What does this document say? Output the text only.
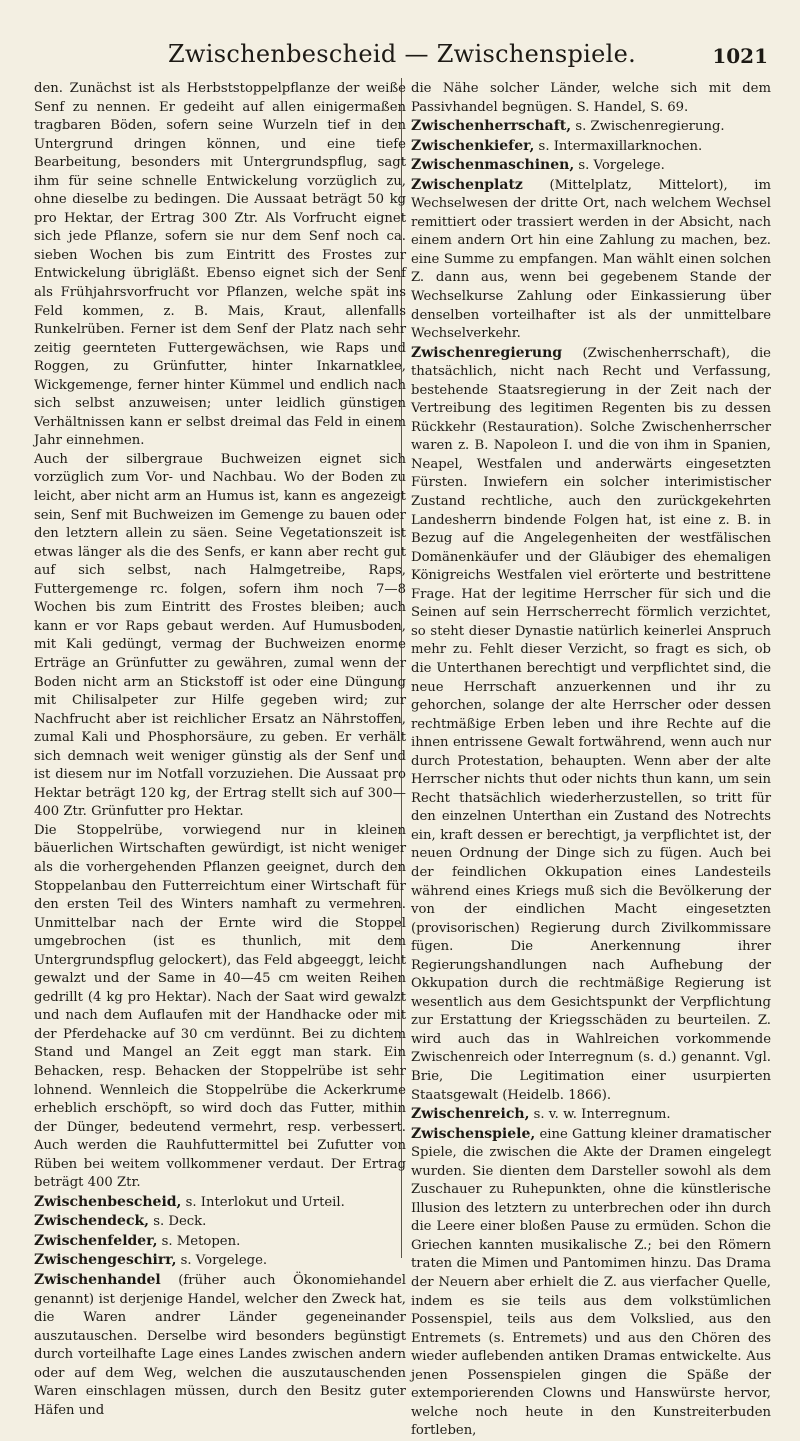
Zwischenbescheid — Zwischenspiele.	1021

den. Zunächst ist als Herbststoppelpflanze der weiße Senf zu nennen. Er gedeiht auf allen einigermaßen tragbaren Böden, sofern seine Wurzeln tief in den Untergrund dringen können, und eine tiefe Bearbeitung, besonders mit Untergrundspflug, sagt ihm für seine schnelle Entwickelung vorzüglich zu, ohne dieselbe zu bedingen. Die Aussaat beträgt 50 kg pro Hektar, der Ertrag 300 Ztr. Als Vorfrucht eignet sich jede Pflanze, sofern sie nur dem Senf noch ca. sieben Wochen bis zum Eintritt des Frostes zur Entwickelung übrigläßt. Ebenso eignet sich der Senf als Frühjahrsvorfrucht vor Pflanzen, welche spät ins Feld kommen, z. B. Mais, Kraut, allenfalls Runkelrüben. Ferner ist dem Senf der Platz nach sehr zeitig geernteten Futtergewächsen, wie Raps und Roggen, zu Grünfutter, hinter Inkarnatklee, Wickgemenge, ferner hinter Kümmel und endlich nach sich selbst anzuweisen; unter leidlich günstigen Verhältnissen kann er selbst dreimal das Feld in einem Jahr einnehmen.

Auch der silbergraue Buchweizen eignet sich vorzüglich zum Vor- und Nachbau. Wo der Boden zu leicht, aber nicht arm an Humus ist, kann es angezeigt sein, Senf mit Buchweizen im Gemenge zu bauen oder den letztern allein zu säen. Seine Vegetationszeit ist etwas länger als die des Senfs, er kann aber recht gut auf sich selbst, nach Halmgetreibe, Raps, Futtergemenge rc. folgen, sofern ihm noch 7—8 Wochen bis zum Eintritt des Frostes bleiben; auch kann er vor Raps gebaut werden. Auf Humusboden, mit Kali gedüngt, vermag der Buchweizen enorme Erträge an Grünfutter zu gewähren, zumal wenn der Boden nicht arm an Stickstoff ist oder eine Düngung mit Chilisalpeter zur Hilfe gegeben wird; zur Nachfrucht aber ist reichlicher Ersatz an Nährstoffen, zumal Kali und Phosphorsäure, zu geben. Er verhält sich demnach weit weniger günstig als der Senf und ist diesem nur im Notfall vorzuziehen. Die Aussaat pro Hektar beträgt 120 kg, der Ertrag stellt sich auf 300—400 Ztr. Grünfutter pro Hektar.

Die Stoppelrübe, vorwiegend nur in kleinen bäuerlichen Wirtschaften gewürdigt, ist nicht weniger als die vorhergehenden Pflanzen geeignet, durch den Stoppelanbau den Futterreichtum einer Wirtschaft für den ersten Teil des Winters namhaft zu vermehren. Unmittelbar nach der Ernte wird die Stoppel umgebrochen (ist es thunlich, mit dem Untergrundspflug gelockert), das Feld abgeeggt, leicht gewalzt und der Same in 40—45 cm weiten Reihen gedrillt (4 kg pro Hektar). Nach der Saat wird gewalzt und nach dem Auflaufen mit der Handhacke oder mit der Pferdehacke auf 30 cm verdünnt. Bei zu dichtem Stand und Mangel an Zeit eggt man stark. Ein Behacken, resp. Behacken der Stoppelrübe ist sehr lohnend. Wennleich die Stoppelrübe die Ackerkrume erheblich erschöpft, so wird doch das Futter, mithin der Dünger, bedeutend vermehrt, resp. verbessert. Auch werden die Rauhfuttermittel bei Zufutter von Rüben bei weitem vollkommener verdaut. Der Ertrag beträgt 400 Ztr.

Zwischenbescheid, s. Interlokut und Urteil.

Zwischendeck, s. Deck.

Zwischenfelder, s. Metopen.

Zwischengeschirr, s. Vorgelege.

Zwischenhandel (früher auch Ökonomiehandel genannt) ist derjenige Handel, welcher den Zweck hat, die Waren andrer Länder gegeneinander auszutauschen. Derselbe wird besonders begünstigt durch vorteilhafte Lage eines Landes zwischen andern oder auf dem Weg, welchen die auszutauschenden Waren einschlagen müssen, durch den Besitz guter Häfen und

die Nähe solcher Länder, welche sich mit dem Passivhandel begnügen. S. Handel, S. 69.

Zwischenherrschaft, s. Zwischenregierung.

Zwischenkiefer, s. Intermaxillarknochen.

Zwischenmaschinen, s. Vorgelege.

Zwischenplatz (Mittelplatz, Mittelort), im Wechselwesen der dritte Ort, nach welchem Wechsel remittiert oder trassiert werden in der Absicht, nach einem andern Ort hin eine Zahlung zu machen, bez. eine Summe zu empfangen. Man wählt einen solchen Z. dann aus, wenn bei gegebenem Stande der Wechselkurse Zahlung oder Einkassierung über denselben vorteilhafter ist als der unmittelbare Wechselverkehr.

Zwischenregierung (Zwischenherrschaft), die thatsächlich, nicht nach Recht und Verfassung, bestehende Staatsregierung in der Zeit nach der Vertreibung des legitimen Regenten bis zu dessen Rückkehr (Restauration). Solche Zwischenherrscher waren z. B. Napoleon I. und die von ihm in Spanien, Neapel, Westfalen und anderwärts eingesetzten Fürsten. Inwiefern ein solcher interimistischer Zustand rechtliche, auch den zurückgekehrten Landesherrn bindende Folgen hat, ist eine z. B. in Bezug auf die Angelegenheiten der westfälischen Domänenkäufer und der Gläubiger des ehemaligen Königreichs Westfalen viel erörterte und bestrittene Frage. Hat der legitime Herrscher für sich und die Seinen auf sein Herrscherrecht förmlich verzichtet, so steht dieser Dynastie natürlich keinerlei Anspruch mehr zu. Fehlt dieser Verzicht, so fragt es sich, ob die Unterthanen berechtigt und verpflichtet sind, die neue Herrschaft anzuerkennen und ihr zu gehorchen, solange der alte Herrscher oder dessen rechtmäßige Erben leben und ihre Rechte auf die ihnen entrissene Gewalt fortwährend, wenn auch nur durch Protestation, behaupten. Wenn aber der alte Herrscher nichts thut oder nichts thun kann, um sein Recht thatsächlich wiederherzustellen, so tritt für den einzelnen Unterthan ein Zustand des Notrechts ein, kraft dessen er berechtigt, ja verpflichtet ist, der neuen Ordnung der Dinge sich zu fügen. Auch bei der feindlichen Okkupation eines Landesteils während eines Kriegs muß sich die Bevölkerung der von der eindlichen Macht eingesetzten (provisorischen) Regierung durch Zivilkommissare fügen. Die Anerkennung ihrer Regierungshandlungen nach Aufhebung der Okkupation durch die rechtmäßige Regierung ist wesentlich aus dem Gesichtspunkt der Verpflichtung zur Erstattung der Kriegsschäden zu beurteilen. Z. wird auch das in Wahlreichen vorkommende Zwischenreich oder Interregnum (s. d.) genannt. Vgl. Brie, Die Legitimation einer usurpierten Staatsgewalt (Heidelb. 1866).

Zwischenreich, s. v. w. Interregnum.

Zwischenspiele, eine Gattung kleiner dramatischer Spiele, die zwischen die Akte der Dramen eingelegt wurden. Sie dienten dem Darsteller sowohl als dem Zuschauer zu Ruhepunkten, ohne die künstlerische Illusion des letztern zu unterbrechen oder ihn durch die Leere einer bloßen Pause zu ermüden. Schon die Griechen kannten musikalische Z.; bei den Römern traten die Mimen und Pantomimen hinzu. Das Drama der Neuern aber erhielt die Z. aus vierfacher Quelle, indem es sie teils aus dem volkstümlichen Possenspiel, teils aus dem Volkslied, aus den Entremets (s. Entremets) und aus den Chören des wieder auflebenden antiken Dramas entwickelte. Aus jenen Possenspielen gingen die Späße der extemporierenden Clowns und Hanswürste hervor, welche noch heute in den Kunstreiterbuden fortleben,
